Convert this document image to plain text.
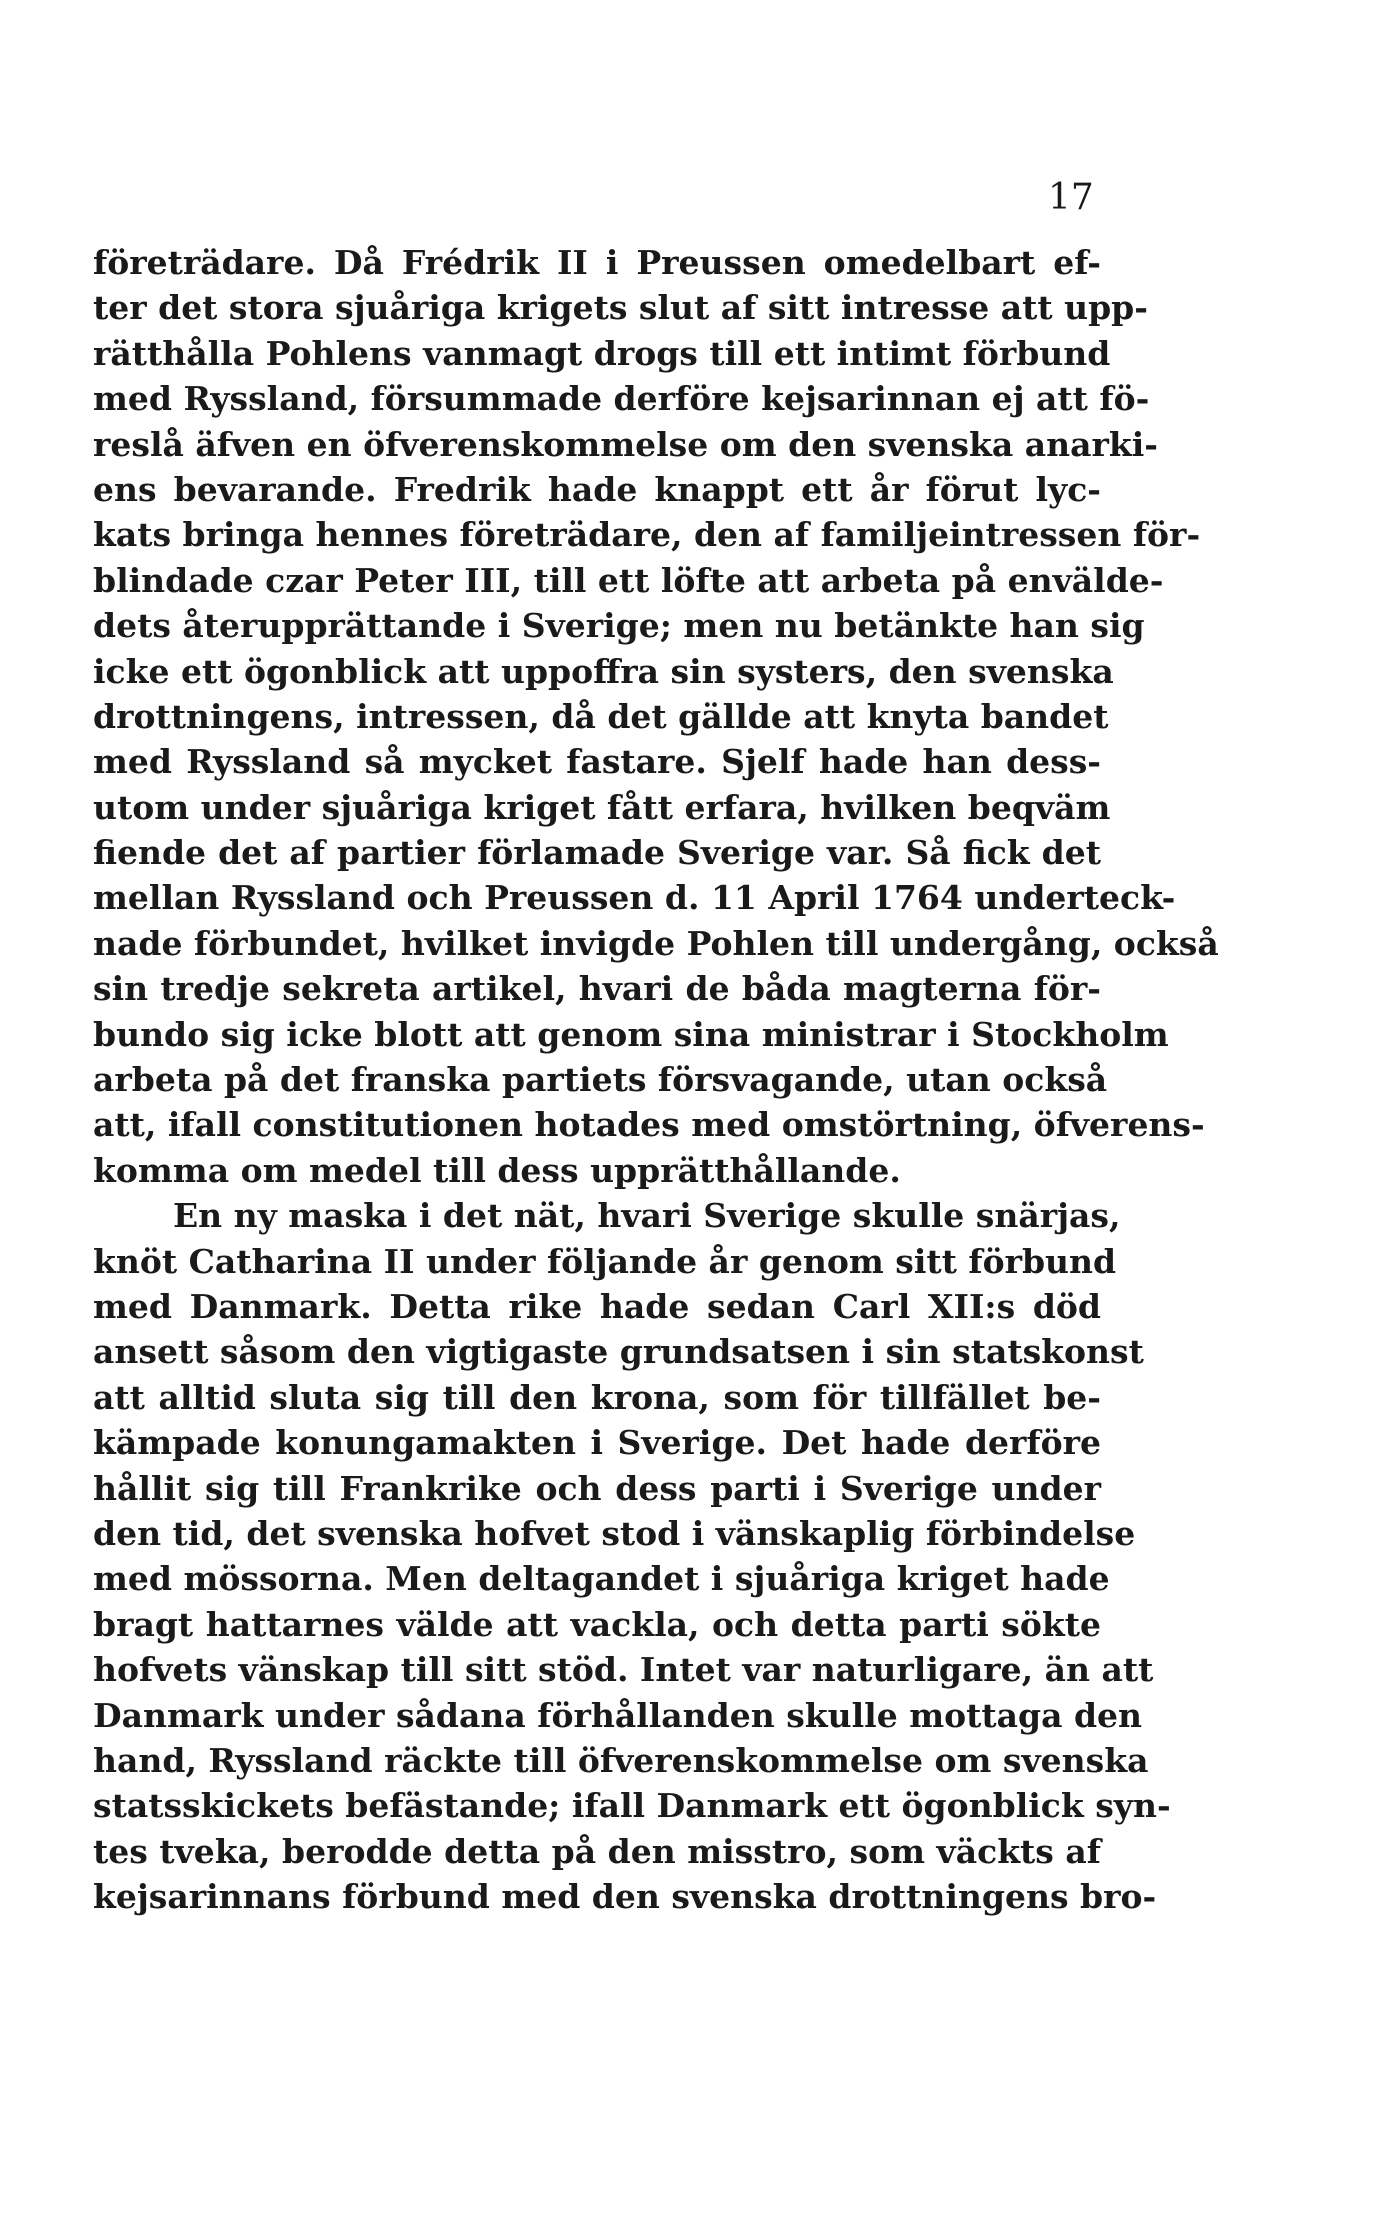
17
företrädare. Då Frédrik II i Preussen omedelbart ef-
ter det stora sjuåriga krigets slut af sitt intresse att upp-
rätthålla Pohlens vanmagt drogs till ett intimt förbund
med Ryssland, försummade derföre kejsarinnan ej att fö-
reslå äfven en öfverenskommelse om den svenska anarki-
ens bevarande. Fredrik hade knappt ett år förut lyc-
kats bringa hennes företrädare, den af familjeintressen för-
blindade czar Peter III, till ett löfte att arbeta på envälde-
dets återupprättande i Sverige; men nu betänkte han sig
icke ett ögonblick att uppoffra sin systers, den svenska
drottningens, intressen, då det gällde att knyta bandet
med Ryssland så mycket fastare. Sjelf hade han dess-
utom under sjuåriga kriget fått erfara, hvilken beqväm
fiende det af partier förlamade Sverige var. Så fick det
mellan Ryssland och Preussen d. 11 April 1764 underteck-
nade förbundet, hvilket invigde Pohlen till undergång, också
sin tredje sekreta artikel, hvari de båda magterna för-
bundo sig icke blott att genom sina ministrar i Stockholm
arbeta på det franska partiets försvagande, utan också
att, ifall constitutionen hotades med omstörtning, öfverens-
komma om medel till dess upprätthållande.
En ny maska i det nät, hvari Sverige skulle snärjas,
knöt Catharina II under följande år genom sitt förbund
med Danmark. Detta rike hade sedan Carl XII:s död
ansett såsom den vigtigaste grundsatsen i sin statskonst
att alltid sluta sig till den krona, som för tillfället be-
kämpade konungamakten i Sverige. Det hade derföre
hållit sig till Frankrike och dess parti i Sverige under
den tid, det svenska hofvet stod i vänskaplig förbindelse
med mössorna. Men deltagandet i sjuåriga kriget hade
bragt hattarnes välde att vackla, och detta parti sökte
hofvets vänskap till sitt stöd. Intet var naturligare, än att
Danmark under sådana förhållanden skulle mottaga den
hand, Ryssland räckte till öfverenskommelse om svenska
statsskickets befästande; ifall Danmark ett ögonblick syn-
tes tveka, berodde detta på den misstro, som väckts af
kejsarinnans förbund med den svenska drottningens bro-
